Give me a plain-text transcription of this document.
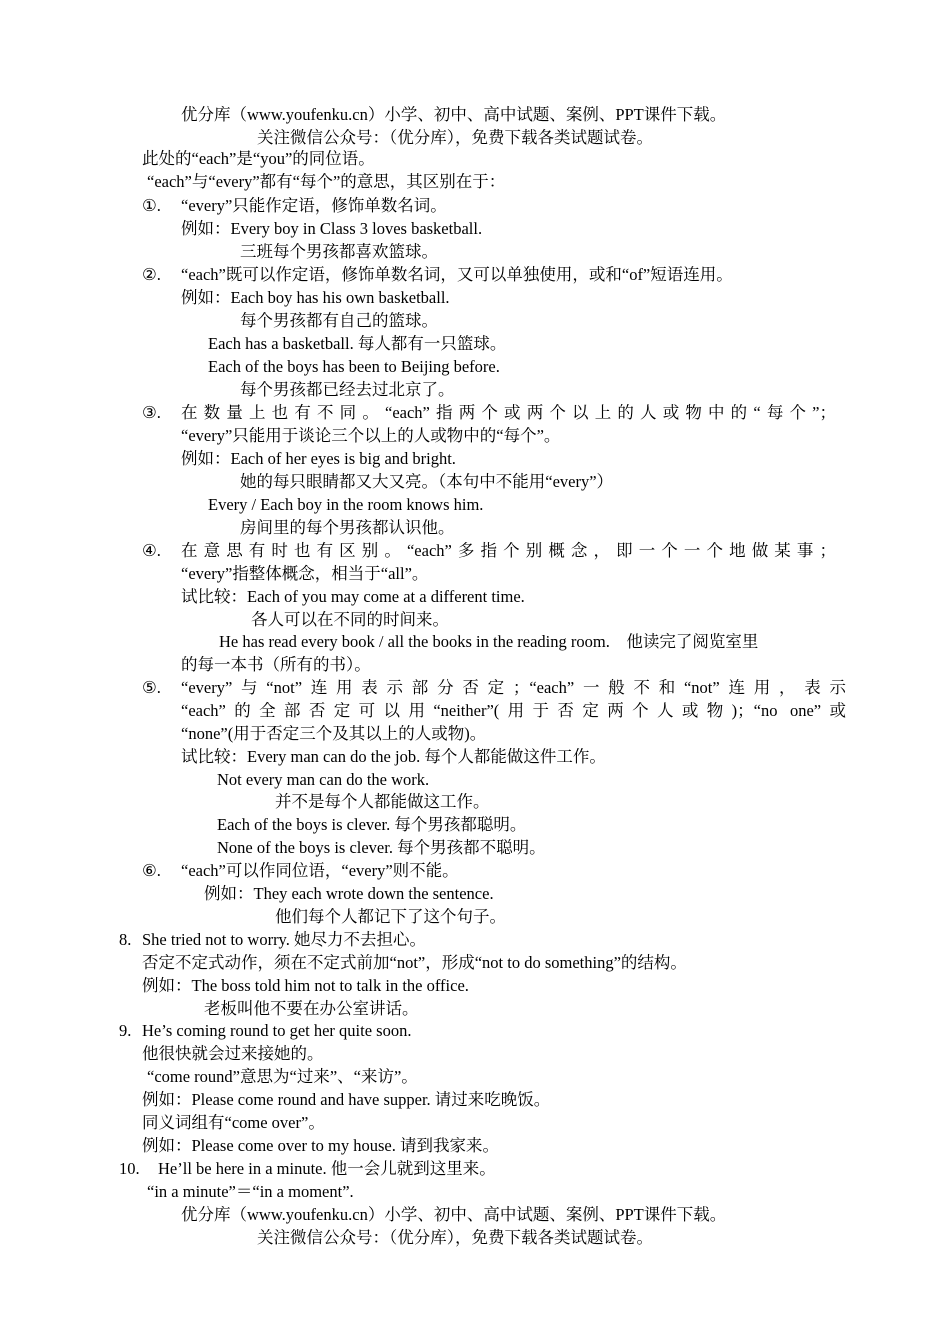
优分库（www.youfenku.cn）小学、初中、高中试题、案例、PPT课件下载。
关注微信公众号：（优分库），免费下载各类试题试卷。
此处的“each”是“you”的同位语。
“each”与“every”都有“每个”的意思，其区别在于：
①. “every”只能作定语，修饰单数名词。
例如：Every boy in Class 3 loves basketball.
三班每个男孩都喜欢篮球。
②. “each”既可以作定语，修饰单数名词，又可以单独使用，或和“of”短语连用。
例如：Each boy has his own basketball.
每个男孩都有自己的篮球。
Each has a basketball. 每人都有一只篮球。
Each of the boys has been to Beijing before.
每个男孩都已经去过北京了。
③. 在数量上也有不同。“each”指两个或两个以上的人或物中的“每个”；
“every”只能用于谈论三个以上的人或物中的“每个”。
例如：Each of her eyes is big and bright.
她的每只眼睛都又大又亮。（本句中不能用“every”）
Every / Each boy in the room knows him.
房间里的每个男孩都认识他。
④. 在意思有时也有区别。“each”多指个别概念，即一个一个地做某事；
“every”指整体概念，相当于“all”。
试比较：Each of you may come at a different time.
各人可以在不同的时间来。
He has read every book / all the books in the reading room.　他读完了阅览室里
的每一本书（所有的书）。
⑤. “every”与“not”连用表示部分否定；“each”一般不和“not”连用，表示
“each”的全部否定可以用“neither”(用于否定两个人或物)；“no one”或
“none”(用于否定三个及其以上的人或物)。
试比较：Every man can do the job. 每个人都能做这件工作。
Not every man can do the work.
并不是每个人都能做这工作。
Each of the boys is clever. 每个男孩都聪明。
None of the boys is clever. 每个男孩都不聪明。
⑥. “each”可以作同位语，“every”则不能。
例如：They each wrote down the sentence.
他们每个人都记下了这个句子。
8. She tried not to worry. 她尽力不去担心。
否定不定式动作，须在不定式前加“not”，形成“not to do something”的结构。
例如：The boss told him not to talk in the office.
老板叫他不要在办公室讲话。
9. He’s coming round to get her quite soon.
他很快就会过来接她的。
“come round”意思为“过来”、“来访”。
例如：Please come round and have supper. 请过来吃晚饭。
同义词组有“come over”。
例如：Please come over to my house. 请到我家来。
10. He’ll be here in a minute. 他一会儿就到这里来。
“in a minute”＝“in a moment”.
优分库（www.youfenku.cn）小学、初中、高中试题、案例、PPT课件下载。
关注微信公众号：（优分库），免费下载各类试题试卷。
